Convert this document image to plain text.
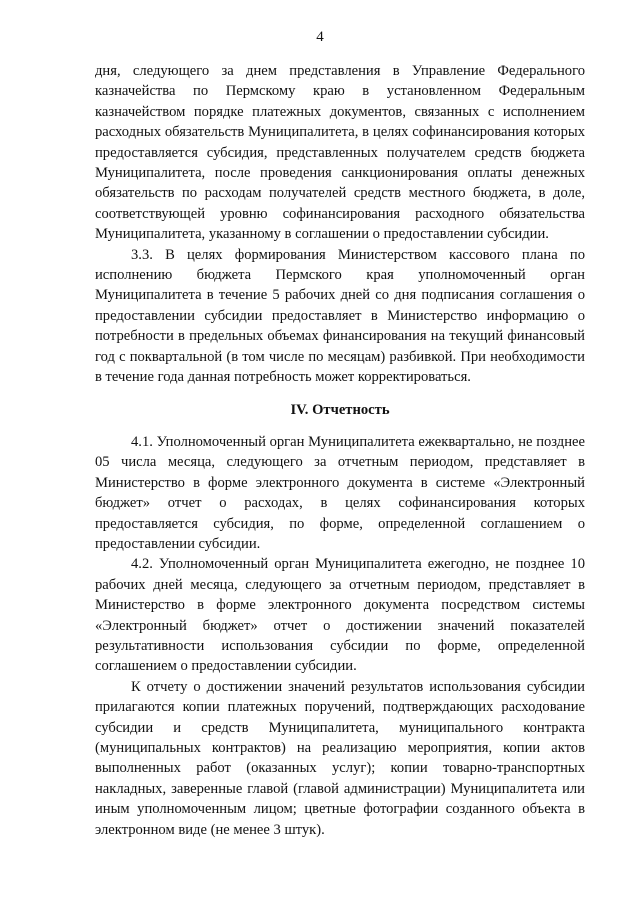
4

дня, следующего за днем представления в Управление Федерального казначейства по Пермскому краю в установленном Федеральным казначейством порядке платежных документов, связанных с исполнением расходных обязательств Муниципалитета, в целях софинансирования которых предоставляется субсидия, представленных получателем средств бюджета Муниципалитета, после проведения санкционирования оплаты денежных обязательств по расходам получателей средств местного бюджета, в доле, соответствующей уровню софинансирования расходного обязательства Муниципалитета, указанному в соглашении о предоставлении субсидии.

3.3. В целях формирования Министерством кассового плана по исполнению бюджета Пермского края уполномоченный орган Муниципалитета в течение 5 рабочих дней со дня подписания соглашения о предоставлении субсидии предоставляет в Министерство информацию о потребности в предельных объемах финансирования на текущий финансовый год с поквартальной (в том числе по месяцам) разбивкой. При необходимости в течение года данная потребность может корректироваться.

IV. Отчетность

4.1. Уполномоченный орган Муниципалитета ежеквартально, не позднее 05 числа месяца, следующего за отчетным периодом, представляет в Министерство в форме электронного документа в системе «Электронный бюджет» отчет о расходах, в целях софинансирования которых предоставляется субсидия, по форме, определенной соглашением о предоставлении субсидии.

4.2. Уполномоченный орган Муниципалитета ежегодно, не позднее 10 рабочих дней месяца, следующего за отчетным периодом, представляет в Министерство в форме электронного документа посредством системы «Электронный бюджет» отчет о достижении значений показателей результативности использования субсидии по форме, определенной соглашением о предоставлении субсидии.

К отчету о достижении значений результатов использования субсидии прилагаются копии платежных поручений, подтверждающих расходование субсидии и средств Муниципалитета, муниципального контракта (муниципальных контрактов) на реализацию мероприятия, копии актов выполненных работ (оказанных услуг); копии товарно-транспортных накладных, заверенные главой (главой администрации) Муниципалитета или иным уполномоченным лицом; цветные фотографии созданного объекта в электронном виде (не менее 3 штук).
